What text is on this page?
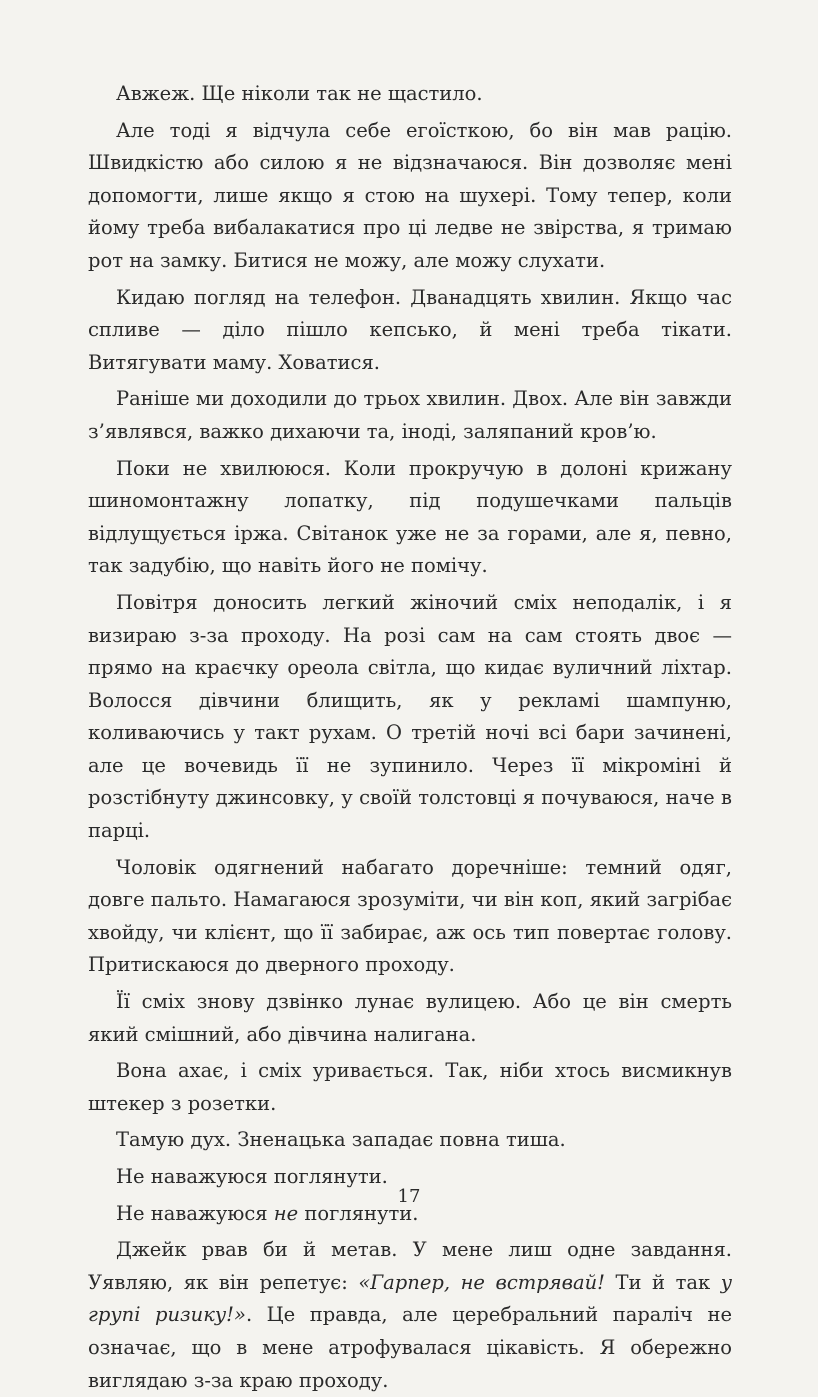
Авжеж. Ще ніколи так не щастило.

Але тоді я відчула себе егоїсткою, бо він мав рацію. Швидкістю або силою я не відзначаюся. Він дозволяє мені допомогти, лише якщо я стою на шухері. Тому тепер, коли йому треба вибалакатися про ці ледве не звірства, я тримаю рот на замку. Битися не можу, але можу слухати.

Кидаю погляд на телефон. Дванадцять хвилин. Якщо час спливе — діло пішло кепсько, й мені треба тікати. Витягувати маму. Ховатися.

Раніше ми доходили до трьох хвилин. Двох. Але він завжди з’являвся, важко дихаючи та, іноді, заляпаний кров’ю.

Поки не хвилююся. Коли прокручую в долоні крижану шиномонтажну лопатку, під подушечками пальців відлущується іржа. Світанок уже не за горами, але я, певно, так задубію, що навіть його не помічу.

Повітря доносить легкий жіночий сміх неподалік, і я визираю з-за проходу. На розі сам на сам стоять двоє — прямо на краєчку ореола світла, що кидає вуличний ліхтар. Волосся дівчини блищить, як у рекламі шампуню, коливаючись у такт рухам. О третій ночі всі бари зачинені, але це вочевидь її не зупинило. Через її мікроміні й розстібнуту джинсовку, у своїй толстовці я почуваюся, наче в парці.

Чоловік одягнений набагато доречніше: темний одяг, довге пальто. Намагаюся зрозуміти, чи він коп, який загрібає хвойду, чи клієнт, що її забирає, аж ось тип повертає голову. Притискаюся до дверного проходу.

Її сміх знову дзвінко лунає вулицею. Або це він смерть який смішний, або дівчина налигана.

Вона ахає, і сміх уривається. Так, ніби хтось висмикнув штекер з розетки.

Тамую дух. Зненацька западає повна тиша.

Не наважуюся поглянути.

Не наважуюся не поглянути.

Джейк рвав би й метав. У мене лиш одне завдання. Уявляю, як він репетує: «Гарпер, не встрявай! Ти й так у групі ризику!». Це правда, але церебральний параліч не означає, що в мене атрофувалася цікавість. Я обережно виглядаю з-за краю проходу.

17
